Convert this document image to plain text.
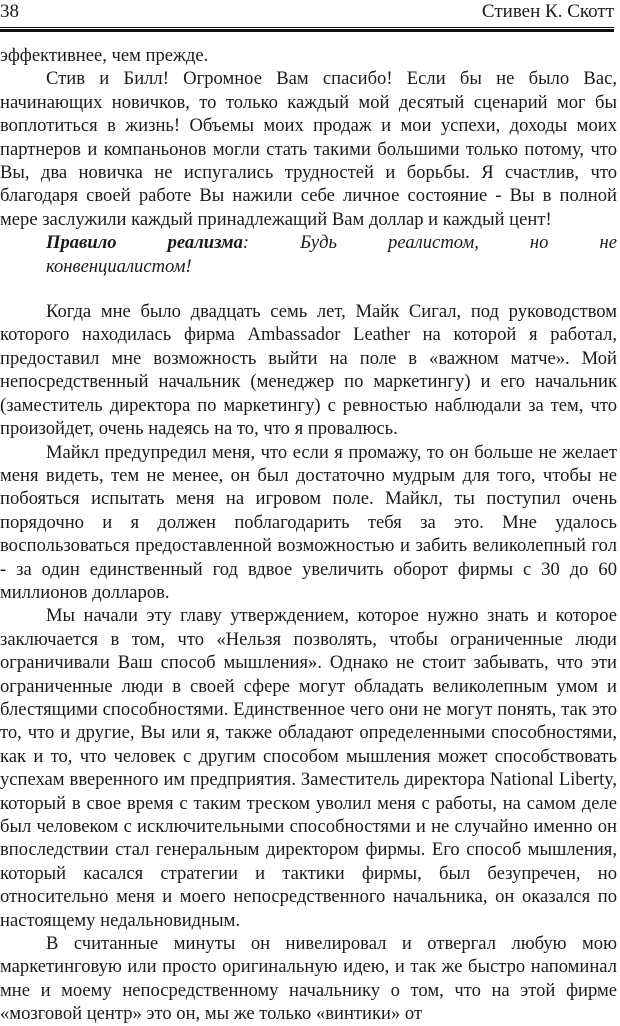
38	Стивен К. Скотт

эффективнее, чем прежде.

Стив и Билл! Огромное Вам спасибо! Если бы не было Вас, начинающих новичков, то только каждый мой десятый сценарий мог бы воплотиться в жизнь! Объемы моих продаж и мои успехи, доходы моих партнеров и компаньонов могли стать такими большими только потому, что Вы, два новичка не испугались трудностей и борьбы. Я счастлив, что благодаря своей работе Вы нажили себе личное состояние - Вы в полной мере заслужили каждый принадлежащий Вам доллар и каждый цент!

Правило реализма: Будь реалистом, но не конвенциалистом!

Когда мне было двадцать семь лет, Майк Сигал, под руководством которого находилась фирма Ambassador Leather на которой я работал, предоставил мне возможность выйти на поле в «важном матче». Мой непосредственный начальник (менеджер по маркетингу) и его начальник (заместитель директора по маркетингу) с ревностью наблюдали за тем, что произойдет, очень надеясь на то, что я провалюсь.

Майкл предупредил меня, что если я промажу, то он больше не желает меня видеть, тем не менее, он был достаточно мудрым для того, чтобы не побояться испытать меня на игровом поле. Майкл, ты поступил очень порядочно и я должен поблагодарить тебя за это. Мне удалось воспользоваться предоставленной возможностью и забить великолепный гол - за один единственный год вдвое увеличить оборот фирмы с 30 до 60 миллионов долларов.

Мы начали эту главу утверждением, которое нужно знать и которое заключается в том, что «Нельзя позволять, чтобы ограниченные люди ограничивали Ваш способ мышления». Однако не стоит забывать, что эти ограниченные люди в своей сфере могут обладать великолепным умом и блестящими способностями. Единственное чего они не могут понять, так это то, что и другие, Вы или я, также обладают определенными способностями, как и то, что человек с другим способом мышления может способствовать успехам вверенного им предприятия. Заместитель директора National Liberty, который в свое время с таким треском уволил меня с работы, на самом деле был человеком с исключительными способностями и не случайно именно он впоследствии стал генеральным директором фирмы. Его способ мышления, который касался стратегии и тактики фирмы, был безупречен, но относительно меня и моего непосредственного начальника, он оказался по настоящему недальновидным.

В считанные минуты он нивелировал и отвергал любую мою маркетинговую или просто оригинальную идею, и так же быстро напоминал мне и моему непосредственному начальнику о том, что на этой фирме «мозговой центр» это он, мы же только «винтики» от
